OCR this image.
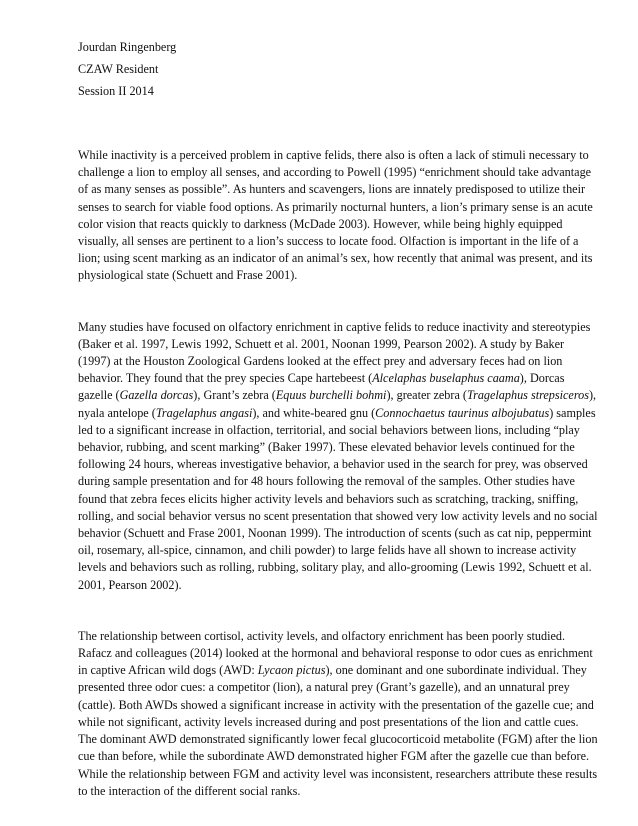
Jourdan Ringenberg

CZAW Resident

Session II 2014

While inactivity is a perceived problem in captive felids, there also is often a lack of stimuli necessary to challenge a lion to employ all senses, and according to Powell (1995) “enrichment should take advantage of as many senses as possible”. As hunters and scavengers, lions are innately predisposed to utilize their senses to search for viable food options. As primarily nocturnal hunters, a lion’s primary sense is an acute color vision that reacts quickly to darkness (McDade 2003). However, while being highly equipped visually, all senses are pertinent to a lion’s success to locate food. Olfaction is important in the life of a lion; using scent marking as an indicator of an animal’s sex, how recently that animal was present, and its physiological state (Schuett and Frase 2001).

Many studies have focused on olfactory enrichment in captive felids to reduce inactivity and stereotypies (Baker et al. 1997, Lewis 1992, Schuett et al. 2001, Noonan 1999, Pearson 2002). A study by Baker (1997) at the Houston Zoological Gardens looked at the effect prey and adversary feces had on lion behavior. They found that the prey species Cape hartebeest (Alcelaphas buselaphus caama), Dorcas gazelle (Gazella dorcas), Grant’s zebra (Equus burchelli bohmi), greater zebra (Tragelaphus strepsiceros), nyala antelope (Tragelaphus angasi), and white-beared gnu (Connochaetus taurinus albojubatus) samples led to a significant increase in olfaction, territorial, and social behaviors between lions, including “play behavior, rubbing, and scent marking” (Baker 1997). These elevated behavior levels continued for the following 24 hours, whereas investigative behavior, a behavior used in the search for prey, was observed during sample presentation and for 48 hours following the removal of the samples. Other studies have found that zebra feces elicits higher activity levels and behaviors such as scratching, tracking, sniffing, rolling, and social behavior versus no scent presentation that showed very low activity levels and no social behavior (Schuett and Frase 2001, Noonan 1999). The introduction of scents (such as cat nip, peppermint oil, rosemary, all-spice, cinnamon, and chili powder) to large felids have all shown to increase activity levels and behaviors such as rolling, rubbing, solitary play, and allo-grooming (Lewis 1992, Schuett et al. 2001, Pearson 2002).

The relationship between cortisol, activity levels, and olfactory enrichment has been poorly studied. Rafacz and colleagues (2014) looked at the hormonal and behavioral response to odor cues as enrichment in captive African wild dogs (AWD: Lycaon pictus), one dominant and one subordinate individual. They presented three odor cues: a competitor (lion), a natural prey (Grant’s gazelle), and an unnatural prey (cattle). Both AWDs showed a significant increase in activity with the presentation of the gazelle cue; and while not significant, activity levels increased during and post presentations of the lion and cattle cues. The dominant AWD demonstrated significantly lower fecal glucocorticoid metabolite (FGM) after the lion cue than before, while the subordinate AWD demonstrated higher FGM after the gazelle cue than before. While the relationship between FGM and activity level was inconsistent, researchers attribute these results to the interaction of the different social ranks.
